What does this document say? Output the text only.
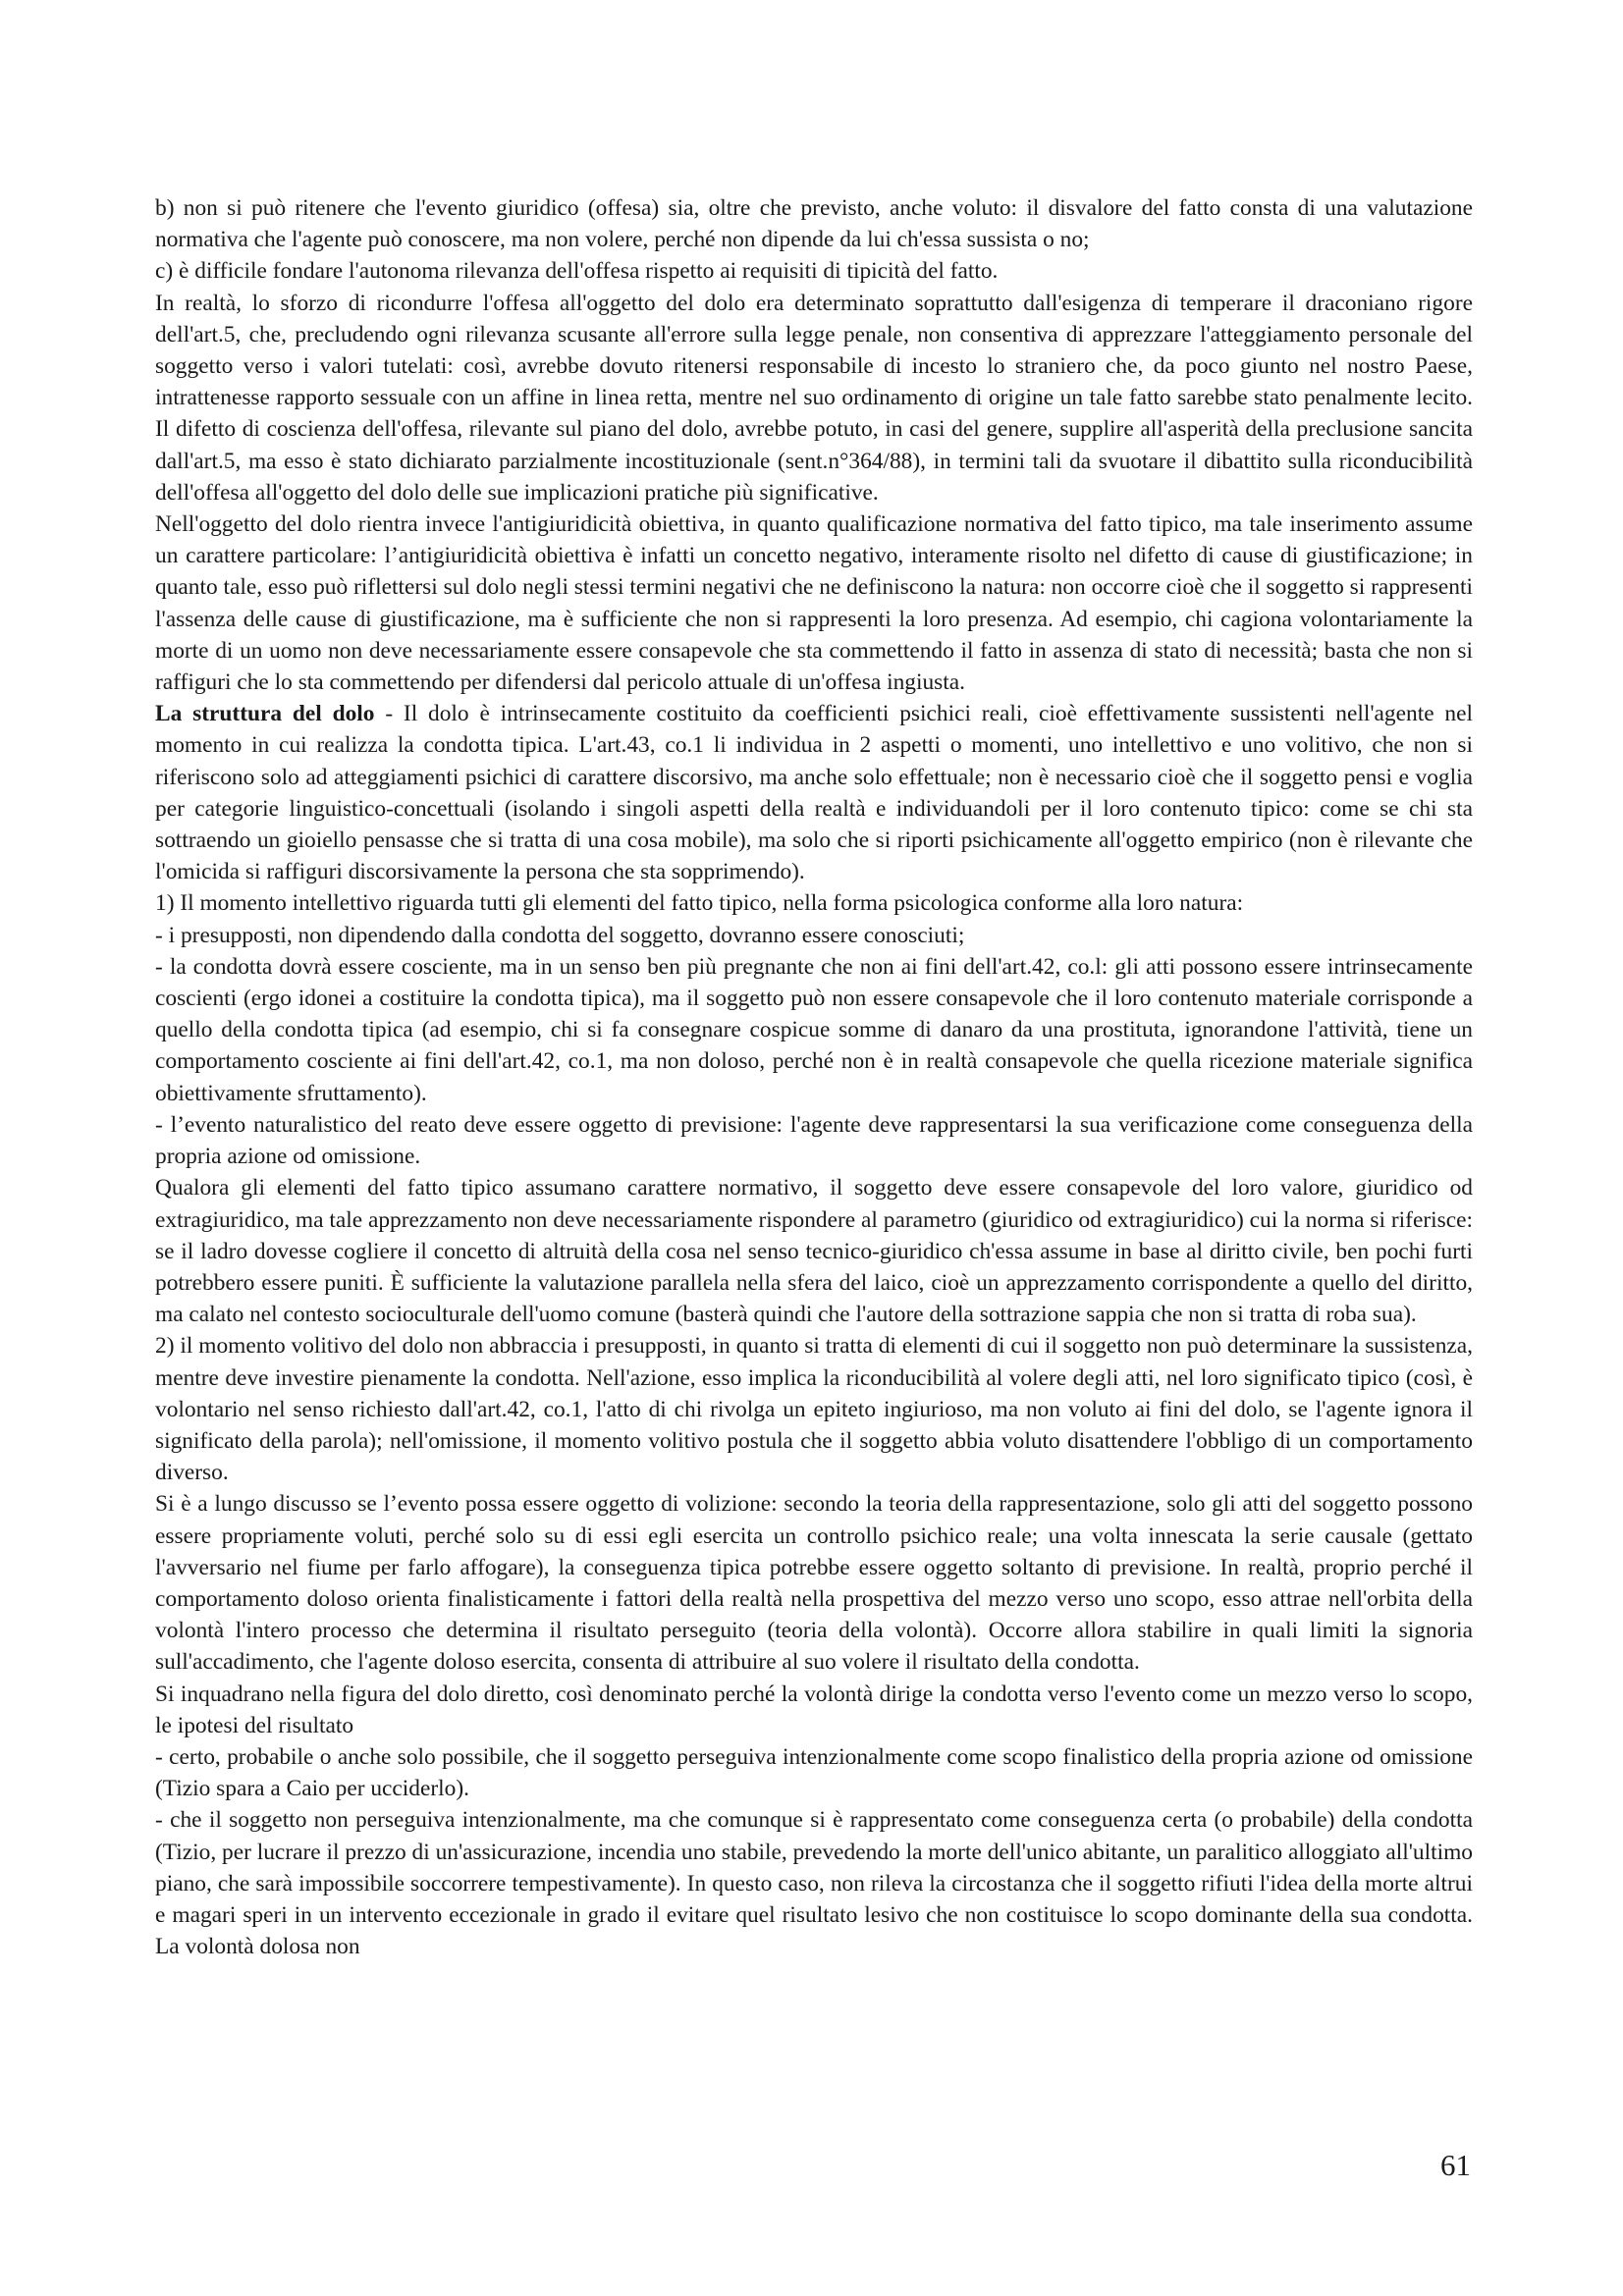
b) non si può ritenere che l'evento giuridico (offesa) sia, oltre che previsto, anche voluto: il disvalore del fatto consta di una valutazione normativa che l'agente può conoscere, ma non volere, perché non dipende da lui ch'essa sussista o no;

c) è difficile fondare l'autonoma rilevanza dell'offesa rispetto ai requisiti di tipicità del fatto.

In realtà, lo sforzo di ricondurre l'offesa all'oggetto del dolo era determinato soprattutto dall'esigenza di temperare il draconiano rigore dell'art.5, che, precludendo ogni rilevanza scusante all'errore sulla legge penale, non consentiva di apprezzare l'atteggiamento personale del soggetto verso i valori tutelati: così, avrebbe dovuto ritenersi responsabile di incesto lo straniero che, da poco giunto nel nostro Paese, intrattenesse rapporto sessuale con un affine in linea retta, mentre nel suo ordinamento di origine un tale fatto sarebbe stato penalmente lecito. Il difetto di coscienza dell'offesa, rilevante sul piano del dolo, avrebbe potuto, in casi del genere, supplire all'asperità della preclusione sancita dall'art.5, ma esso è stato dichiarato parzialmente incostituzionale (sent.n°364/88), in termini tali da svuotare il dibattito sulla riconducibilità dell'offesa all'oggetto del dolo delle sue implicazioni pratiche più significative.

Nell'oggetto del dolo rientra invece l'antigiuridicità obiettiva, in quanto qualificazione normativa del fatto tipico, ma tale inserimento assume un carattere particolare: l’antigiuridicità obiettiva è infatti un concetto negativo, interamente risolto nel difetto di cause di giustificazione; in quanto tale, esso può riflettersi sul dolo negli stessi termini negativi che ne definiscono la natura: non occorre cioè che il soggetto si rappresenti l'assenza delle cause di giustificazione, ma è sufficiente che non si rappresenti la loro presenza. Ad esempio, chi cagiona volontariamente la morte di un uomo non deve necessariamente essere consapevole che sta commettendo il fatto in assenza di stato di necessità; basta che non si raffiguri che lo sta commettendo per difendersi dal pericolo attuale di un'offesa ingiusta.

La struttura del dolo - Il dolo è intrinsecamente costituito da coefficienti psichici reali, cioè effettivamente sussistenti nell'agente nel momento in cui realizza la condotta tipica. L'art.43, co.1 li individua in 2 aspetti o momenti, uno intellettivo e uno volitivo, che non si riferiscono solo ad atteggiamenti psichici di carattere discorsivo, ma anche solo effettuale; non è necessario cioè che il soggetto pensi e voglia per categorie linguistico-concettuali (isolando i singoli aspetti della realtà e individuandoli per il loro contenuto tipico: come se chi sta sottraendo un gioiello pensasse che si tratta di una cosa mobile), ma solo che si riporti psichicamente all'oggetto empirico (non è rilevante che l'omicida si raffiguri discorsivamente la persona che sta sopprimendo).

1) Il momento intellettivo riguarda tutti gli elementi del fatto tipico, nella forma psicologica conforme alla loro natura:

- i presupposti, non dipendendo dalla condotta del soggetto, dovranno essere conosciuti;

- la condotta dovrà essere cosciente, ma in un senso ben più pregnante che non ai fini dell'art.42, co.l: gli atti possono essere intrinsecamente coscienti (ergo idonei a costituire la condotta tipica), ma il soggetto può non essere consapevole che il loro contenuto materiale corrisponde a quello della condotta tipica (ad esempio, chi si fa consegnare cospicue somme di danaro da una prostituta, ignorandone l'attività, tiene un comportamento cosciente ai fini dell'art.42, co.1, ma non doloso, perché non è in realtà consapevole che quella ricezione materiale significa obiettivamente sfruttamento).

- l’evento naturalistico del reato deve essere oggetto di previsione: l'agente deve rappresentarsi la sua verificazione come conseguenza della propria azione od omissione.

Qualora gli elementi del fatto tipico assumano carattere normativo, il soggetto deve essere consapevole del loro valore, giuridico od extragiuridico, ma tale apprezzamento non deve necessariamente rispondere al parametro (giuridico od extragiuridico) cui la norma si riferisce: se il ladro dovesse cogliere il concetto di altruità della cosa nel senso tecnico-giuridico ch'essa assume in base al diritto civile, ben pochi furti potrebbero essere puniti. È sufficiente la valutazione parallela nella sfera del laico, cioè un apprezzamento corrispondente a quello del diritto, ma calato nel contesto socioculturale dell'uomo comune (basterà quindi che l'autore della sottrazione sappia che non si tratta di roba sua).

2) il momento volitivo del dolo non abbraccia i presupposti, in quanto si tratta di elementi di cui il soggetto non può determinare la sussistenza, mentre deve investire pienamente la condotta. Nell'azione, esso implica la riconducibilità al volere degli atti, nel loro significato tipico (così, è volontario nel senso richiesto dall'art.42, co.1, l'atto di chi rivolga un epiteto ingiurioso, ma non voluto ai fini del dolo, se l'agente ignora il significato della parola); nell'omissione, il momento volitivo postula che il soggetto abbia voluto disattendere l'obbligo di un comportamento diverso.

Si è a lungo discusso se l’evento possa essere oggetto di volizione: secondo la teoria della rappresentazione, solo gli atti del soggetto possono essere propriamente voluti, perché solo su di essi egli esercita un controllo psichico reale; una volta innescata la serie causale (gettato l'avversario nel fiume per farlo affogare), la conseguenza tipica potrebbe essere oggetto soltanto di previsione. In realtà, proprio perché il comportamento doloso orienta finalisticamente i fattori della realtà nella prospettiva del mezzo verso uno scopo, esso attrae nell'orbita della volontà l'intero processo che determina il risultato perseguito (teoria della volontà). Occorre allora stabilire in quali limiti la signoria sull'accadimento, che l'agente doloso esercita, consenta di attribuire al suo volere il risultato della condotta.

Si inquadrano nella figura del dolo diretto, così denominato perché la volontà dirige la condotta verso l'evento come un mezzo verso lo scopo, le ipotesi del risultato

- certo, probabile o anche solo possibile, che il soggetto perseguiva intenzionalmente come scopo finalistico della propria azione od omissione (Tizio spara a Caio per ucciderlo).

- che il soggetto non perseguiva intenzionalmente, ma che comunque si è rappresentato come conseguenza certa (o probabile) della condotta (Tizio, per lucrare il prezzo di un'assicurazione, incendia uno stabile, prevedendo la morte dell'unico abitante, un paralitico alloggiato all'ultimo piano, che sarà impossibile soccorrere tempestivamente). In questo caso, non rileva la circostanza che il soggetto rifiuti l'idea della morte altrui e magari speri in un intervento eccezionale in grado il evitare quel risultato lesivo che non costituisce lo scopo dominante della sua condotta. La volontà dolosa non

61
